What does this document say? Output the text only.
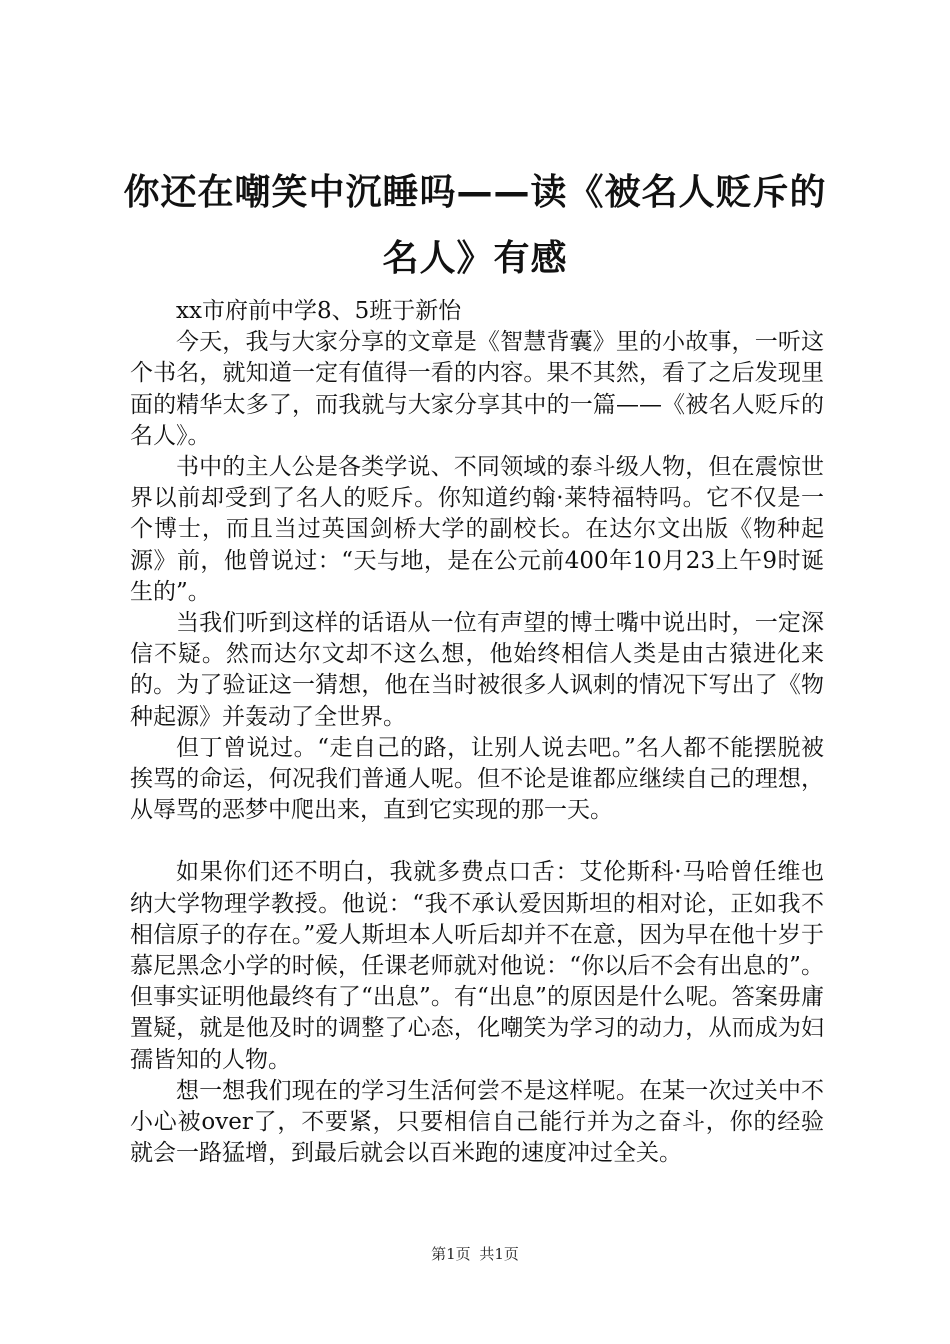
你还在嘲笑中沉睡吗——读《被名人贬斥的名人》有感

xx市府前中学8、5班于新怡

今天，我与大家分享的文章是《智慧背囊》里的小故事，一听这个书名，就知道一定有值得一看的内容。果不其然，看了之后发现里面的精华太多了，而我就与大家分享其中的一篇——《被名人贬斥的名人》。

书中的主人公是各类学说、不同领域的泰斗级人物，但在震惊世界以前却受到了名人的贬斥。你知道约翰·莱特福特吗。它不仅是一个博士，而且当过英国剑桥大学的副校长。在达尔文出版《物种起源》前，他曾说过：“天与地，是在公元前400年10月23上午9时诞生的”。

当我们听到这样的话语从一位有声望的博士嘴中说出时，一定深信不疑。然而达尔文却不这么想，他始终相信人类是由古猿进化来的。为了验证这一猜想，他在当时被很多人讽刺的情况下写出了《物种起源》并轰动了全世界。

但丁曾说过。“走自己的路，让别人说去吧。”名人都不能摆脱被挨骂的命运，何况我们普通人呢。但不论是谁都应继续自己的理想，从辱骂的恶梦中爬出来，直到它实现的那一天。

如果你们还不明白，我就多费点口舌：艾伦斯科·马哈曾任维也纳大学物理学教授。他说：“我不承认爱因斯坦的相对论，正如我不相信原子的存在。”爱人斯坦本人听后却并不在意，因为早在他十岁于慕尼黑念小学的时候，任课老师就对他说：“你以后不会有出息的”。但事实证明他最终有了“出息”。有“出息”的原因是什么呢。答案毋庸置疑，就是他及时的调整了心态，化嘲笑为学习的动力，从而成为妇孺皆知的人物。

想一想我们现在的学习生活何尝不是这样呢。在某一次过关中不小心被over了，不要紧，只要相信自己能行并为之奋斗，你的经验就会一路猛增，到最后就会以百米跑的速度冲过全关。

第1页 共1页
